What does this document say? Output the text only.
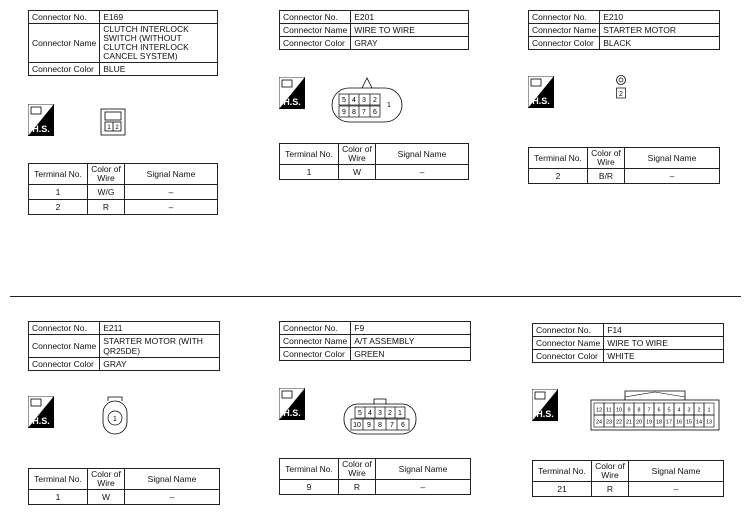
Connector No.	E169
Connector Name	CLUTCH INTERLOCK SWITCH (WITHOUT CLUTCH INTERLOCK CANCEL SYSTEM)
Connector Color	BLUE
H.S.	1 2
Terminal No.	Color of Wire	Signal Name
1	W/G	–
2	R	–
Connector No.	E201
Connector Name	WIRE TO WIRE
Connector Color	GRAY
H.S.	5 4 3 2
1
9 8 7 6
Terminal No.	Color of Wire	Signal Name
1	W	–
Connector No.	E210
Connector Name	STARTER MOTOR
Connector Color	BLACK
H.S.
2
Terminal No.	Color of Wire	Signal Name
2	B/R	–
Connector No.	E211
Connector Name	STARTER MOTOR (WITH QR25DE)
Connector Color	GRAY
H.S.	1
Terminal No.	Color of Wire	Signal Name
1	W	–
Connector No.	F9
Connector Name	A/T ASSEMBLY
Connector Color	GREEN
H.S.	5 4 3 2 1
10 9 8 7 6
Terminal No.	Color of Wire	Signal Name
9	R	–
Connector No.	F14
Connector Name	WIRE TO WIRE
Connector Color	WHITE
H.S.	12 11 10 9 8 7 6 5 4 3 2 1
24 23 22 21 20 19 18 17 16 15 14 13
Terminal No.	Color of Wire	Signal Name
21	R	–
